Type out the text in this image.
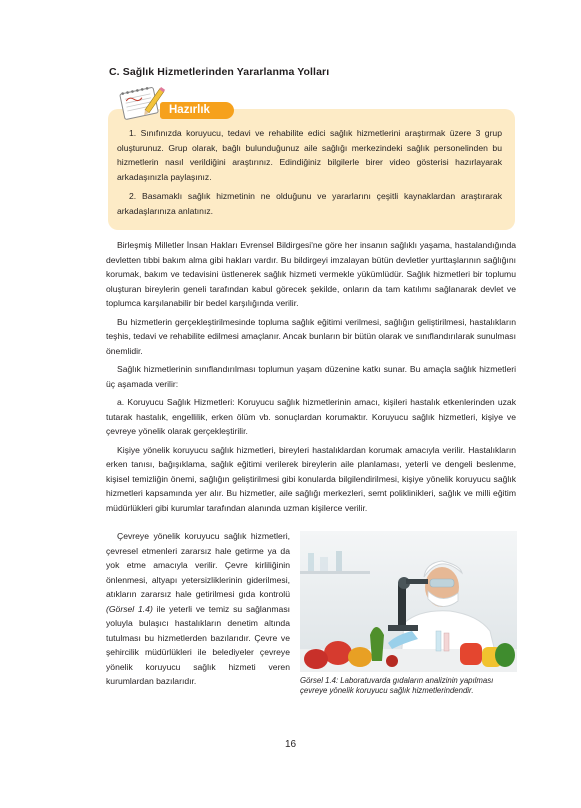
C. Sağlık Hizmetlerinden Yararlanma Yolları
Hazırlık

1. Sınıfınızda koruyucu, tedavi ve rehabilite edici sağlık hizmetlerini araştırmak üzere 3 grup oluşturunuz. Grup olarak, bağlı bulunduğunuz aile sağlığı merkezindeki sağlık personelinden bu hizmetlerin nasıl verildiğini araştırınız. Edindiğiniz bilgilerle birer video gösterisi hazırlayarak arkadaşınızla paylaşınız.

2. Basamaklı sağlık hizmetinin ne olduğunu ve yararlarını çeşitli kaynaklardan araştırarak arkadaşlarınıza anlatınız.

Birleşmiş Milletler İnsan Hakları Evrensel Bildirgesi'ne göre her insanın sağlıklı yaşama, hastalandığında devletten tıbbi bakım alma gibi hakları vardır. Bu bildirgeyi imzalayan bütün devletler yurttaşlarının sağlığını korumak, bakım ve tedavisini üstlenerek sağlık hizmeti vermekle yükümlüdür. Sağlık hizmetleri bir toplumu oluşturan bireylerin geneli tarafından kabul görecek şekilde, onların da tam katılımı sağlanarak devlet ve toplumca karşılanabilir bir bedel karşılığında verilir.

Bu hizmetlerin gerçekleştirilmesinde topluma sağlık eğitimi verilmesi, sağlığın geliştirilmesi, hastalıkların teşhis, tedavi ve rehabilite edilmesi amaçlanır. Ancak bunların bir bütün olarak ve sınıflandırılarak sunulması önemlidir.

Sağlık hizmetlerinin sınıflandırılması toplumun yaşam düzenine katkı sunar. Bu amaçla sağlık hizmetleri üç aşamada verilir:

a. Koruyucu Sağlık Hizmetleri: Koruyucu sağlık hizmetlerinin amacı, kişileri hastalık etkenlerinden uzak tutarak hastalık, engellilik, erken ölüm vb. sonuçlardan korumaktır. Koruyucu sağlık hizmetleri, kişiye ve çevreye yönelik olarak gerçekleştirilir.

Kişiye yönelik koruyucu sağlık hizmetleri, bireyleri hastalıklardan korumak amacıyla verilir. Hastalıkların erken tanısı, bağışıklama, sağlık eğitimi verilerek bireylerin aile planlaması, yeterli ve dengeli beslenme, kişisel temizliğin önemi, sağlığın geliştirilmesi gibi konularda bilgilendirilmesi, kişiye yönelik koruyucu sağlık hizmetleri kapsamında yer alır. Bu hizmetler, aile sağlığı merkezleri, semt poliklinikleri, sağlık ve milli eğitim müdürlükleri gibi kurumlar tarafından alanında uzman kişilerce verilir.

Çevreye yönelik koruyucu sağlık hizmetleri, çevresel etmenleri zararsız hale getirme ya da yok etme amacıyla verilir. Çevre kirliliğinin önlenmesi, altyapı yetersizliklerinin giderilmesi, atıkların zararsız hale getirilmesi gıda kontrolü (Görsel 1.4) ile yeterli ve temiz su sağlanması yoluyla bulaşıcı hastalıkların denetim altında tutulması bu hizmetlerden bazılarıdır. Çevre ve şehircilik müdürlükleri ile belediyeler çevreye yönelik koruyucu sağlık hizmeti veren kurumlardan bazılarıdır.	Görsel 1.4: Laboratuvarda gıdaların analizinin yapılması çevreye yönelik koruyucu sağlık hizmetlerindendir.
16
